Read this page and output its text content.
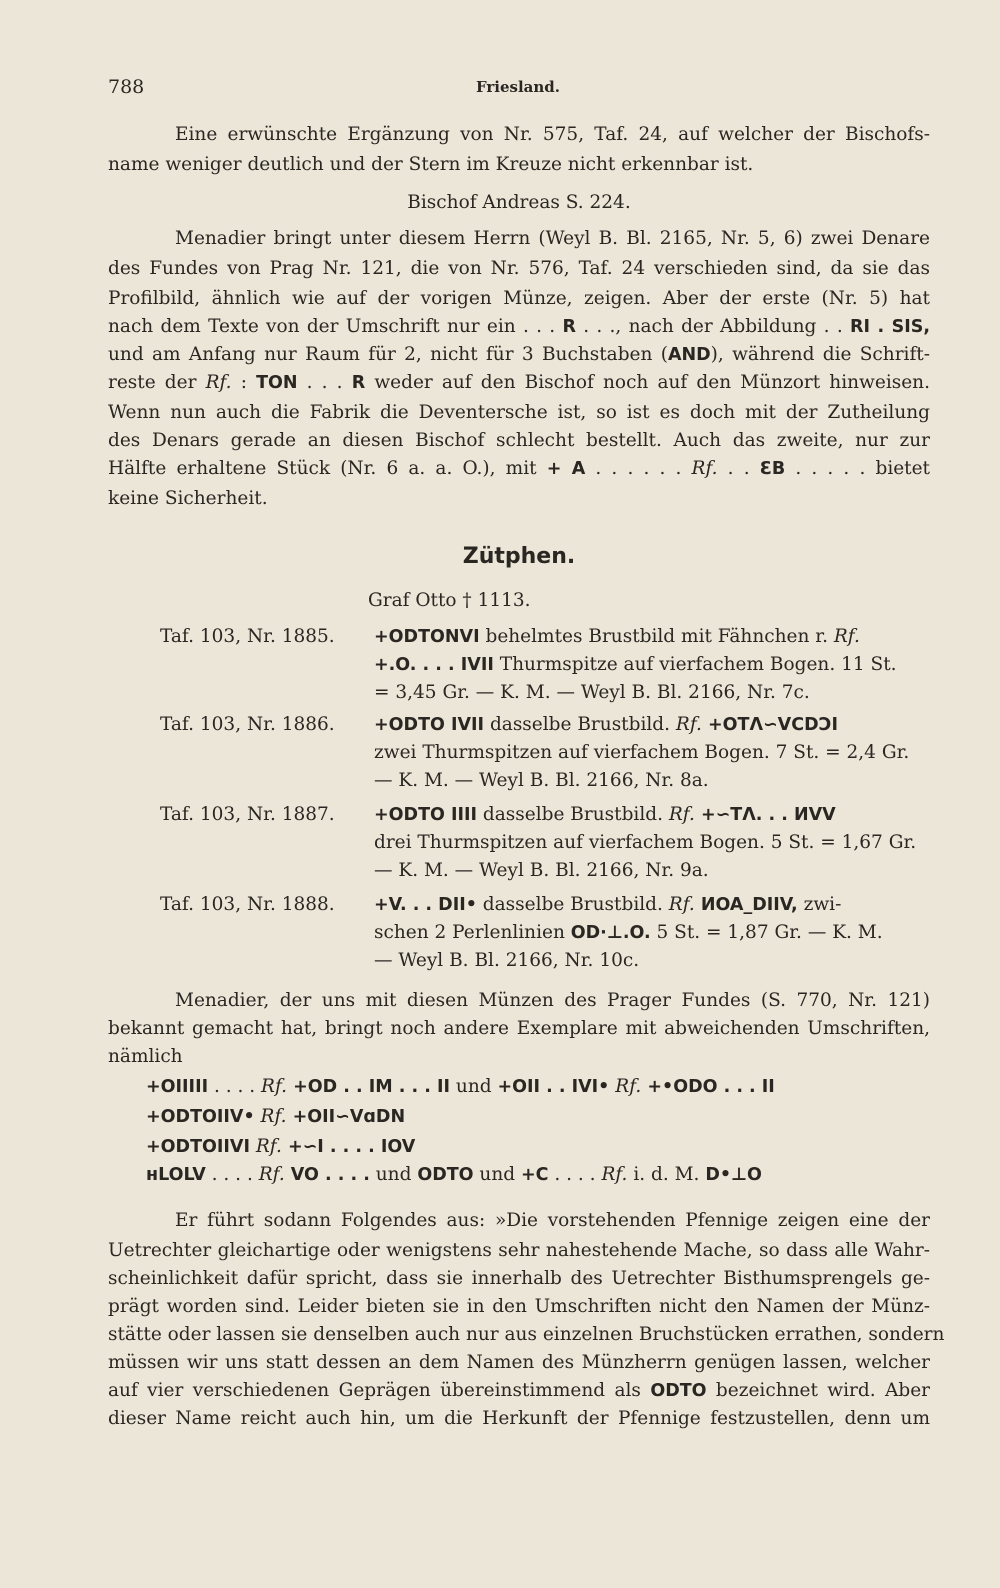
788	Friesland.
Eine erwünschte Ergänzung von Nr. 575, Taf. 24, auf welcher der Bischofs-
name weniger deutlich und der Stern im Kreuze nicht erkennbar ist.
Bischof Andreas S. 224.
Menadier bringt unter diesem Herrn (Weyl B. Bl. 2165, Nr. 5, 6) zwei Denare
des Fundes von Prag Nr. 121, die von Nr. 576, Taf. 24 verschieden sind, da sie das
Profilbild, ähnlich wie auf der vorigen Münze, zeigen. Aber der erste (Nr. 5) hat
nach dem Texte von der Umschrift nur ein . . . R . . ., nach der Abbildung . . RI . SIS,
und am Anfang nur Raum für 2, nicht für 3 Buchstaben (AND), während die Schrift-
reste der Rf. : TON . . . R weder auf den Bischof noch auf den Münzort hinweisen.
Wenn nun auch die Fabrik die Deventersche ist, so ist es doch mit der Zutheilung
des Denars gerade an diesen Bischof schlecht bestellt. Auch das zweite, nur zur
Hälfte erhaltene Stück (Nr. 6 a. a. O.), mit + A . . . . . . Rf. . . ƐB . . . . . bietet
keine Sicherheit.
Zütphen.
Graf Otto † 1113.
Taf. 103, Nr. 1885. +ODTONVI behelmtes Brustbild mit Fähnchen r. Rf.
+.O. . . . IVII Thurmspitze auf vierfachem Bogen. 11 St.
= 3,45 Gr. — K. M. — Weyl B. Bl. 2166, Nr. 7c.
Taf. 103, Nr. 1886. +ODTO IVII dasselbe Brustbild. Rf. +OTΛ∽VCDƆI
zwei Thurmspitzen auf vierfachem Bogen. 7 St. = 2,4 Gr.
— K. M. — Weyl B. Bl. 2166, Nr. 8a.
Taf. 103, Nr. 1887. +ODTO IIII dasselbe Brustbild. Rf. +∽TΛ. . . ИVV
drei Thurmspitzen auf vierfachem Bogen. 5 St. = 1,67 Gr.
— K. M. — Weyl B. Bl. 2166, Nr. 9a.
Taf. 103, Nr. 1888. +V. . . DII• dasselbe Brustbild. Rf. ИOA_DIIV, zwi-
schen 2 Perlenlinien OD·⊥.O. 5 St. = 1,87 Gr. — K. M.
— Weyl B. Bl. 2166, Nr. 10c.
Menadier, der uns mit diesen Münzen des Prager Fundes (S. 770, Nr. 121)
bekannt gemacht hat, bringt noch andere Exemplare mit abweichenden Umschriften,
nämlich
+OIIIII . . . . Rf. +OD . . IM . . . II und +OII . . IVI• Rf. +•ODO . . . II
+ODTOIIV• Rf. +OII∽VɑDN
+ODTOIIVI Rf. +∽I . . . . IOV
ʜLOLV . . . . Rf. VO . . . . und ODTO und +C . . . . Rf. i. d. M. D•⊥O
Er führt sodann Folgendes aus: »Die vorstehenden Pfennige zeigen eine der
Uetrechter gleichartige oder wenigstens sehr nahestehende Mache, so dass alle Wahr-
scheinlichkeit dafür spricht, dass sie innerhalb des Uetrechter Bisthumsprengels ge-
prägt worden sind. Leider bieten sie in den Umschriften nicht den Namen der Münz-
stätte oder lassen sie denselben auch nur aus einzelnen Bruchstücken errathen, sondern
müssen wir uns statt dessen an dem Namen des Münzherrn genügen lassen, welcher
auf vier verschiedenen Geprägen übereinstimmend als ODTO bezeichnet wird. Aber
dieser Name reicht auch hin, um die Herkunft der Pfennige festzustellen, denn um
